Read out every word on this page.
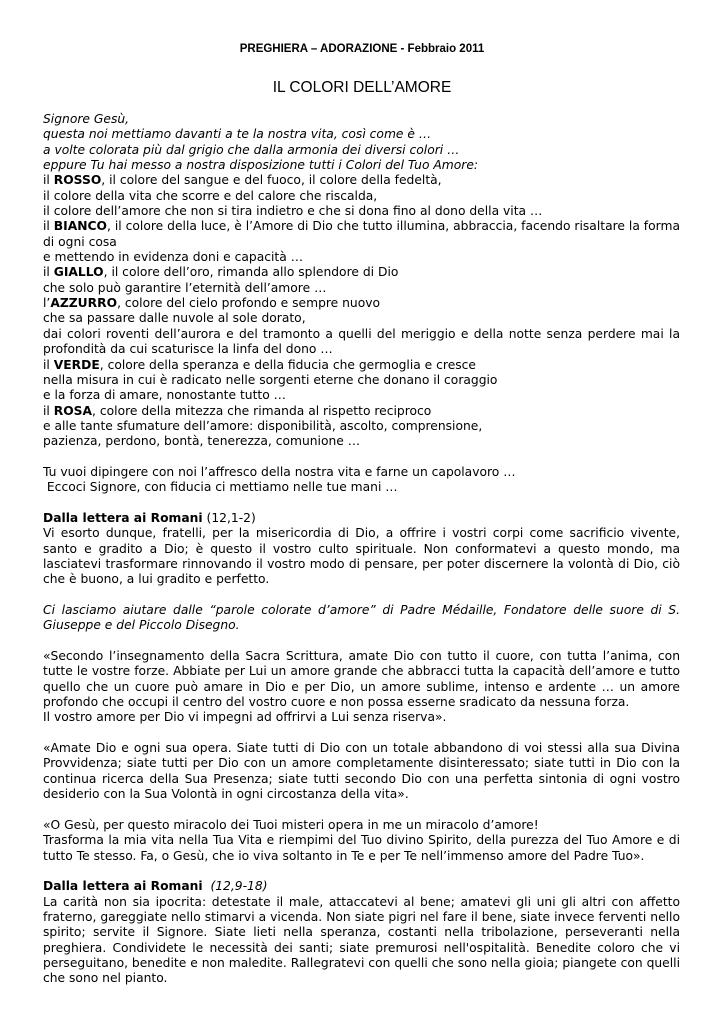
PREGHIERA – ADORAZIONE - Febbraio 2011
IL COLORI DELL’AMORE
Signore Gesù,
questa noi mettiamo davanti a te la nostra vita, così come è …
a volte colorata più dal grigio che dalla armonia dei diversi colori …
eppure Tu hai messo a nostra disposizione tutti i Colori del Tuo Amore:
il ROSSO, il colore del sangue e del fuoco, il colore della fedeltà,
il colore della vita che scorre e del calore che riscalda,
il colore dell’amore che non si tira indietro e che si dona fino al dono della vita …
il BIANCO, il colore della luce, è l’Amore di Dio che tutto illumina, abbraccia, facendo risaltare la forma di ogni cosa
e mettendo in evidenza doni e capacità …
il GIALLO, il colore dell’oro, rimanda allo splendore di Dio
che solo può garantire l’eternità dell’amore …
l’AZZURRO, colore del cielo profondo e sempre nuovo
che sa passare dalle nuvole al sole dorato,
dai colori roventi dell’aurora e del tramonto a quelli del meriggio e della notte senza perdere mai la profondità da cui scaturisce la linfa del dono …
il VERDE, colore della speranza e della fiducia che germoglia e cresce
nella misura in cui è radicato nelle sorgenti eterne che donano il coraggio
e la forza di amare, nonostante tutto …
il ROSA, colore della mitezza che rimanda al rispetto reciproco
e alle tante sfumature dell’amore: disponibilità, ascolto, comprensione,
pazienza, perdono, bontà, tenerezza, comunione …
Tu vuoi dipingere con noi l’affresco della nostra vita e farne un capolavoro …
Eccoci Signore, con fiducia ci mettiamo nelle tue mani …
Dalla lettera ai Romani (12,1-2)
Vi esorto dunque, fratelli, per la misericordia di Dio, a offrire i vostri corpi come sacrificio vivente, santo e gradito a Dio; è questo il vostro culto spirituale. Non conformatevi a questo mondo, ma lasciatevi trasformare rinnovando il vostro modo di pensare, per poter discernere la volontà di Dio, ciò che è buono, a lui gradito e perfetto.
Ci lasciamo aiutare dalle “parole colorate d’amore” di Padre Médaille, Fondatore delle suore di S. Giuseppe e del Piccolo Disegno.
«Secondo l’insegnamento della Sacra Scrittura, amate Dio con tutto il cuore, con tutta l’anima, con tutte le vostre forze. Abbiate per Lui un amore grande che abbracci tutta la capacità dell’amore e tutto quello che un cuore può amare in Dio e per Dio, un amore sublime, intenso e ardente … un amore profondo che occupi il centro del vostro cuore e non possa esserne sradicato da nessuna forza.
Il vostro amore per Dio vi impegni ad offrirvi a Lui senza riserva».
«Amate Dio e ogni sua opera. Siate tutti di Dio con un totale abbandono di voi stessi alla sua Divina Provvidenza; siate tutti per Dio con un amore completamente disinteressato; siate tutti in Dio con la continua ricerca della Sua Presenza; siate tutti secondo Dio con una perfetta sintonia di ogni vostro desiderio con la Sua Volontà in ogni circostanza della vita».
«O Gesù, per questo miracolo dei Tuoi misteri opera in me un miracolo d’amore!
Trasforma la mia vita nella Tua Vita e riempimi del Tuo divino Spirito, della purezza del Tuo Amore e di tutto Te stesso. Fa, o Gesù, che io viva soltanto in Te e per Te nell’immenso amore del Padre Tuo».
Dalla lettera ai Romani (12,9-18)
La carità non sia ipocrita: detestate il male, attaccatevi al bene; amatevi gli uni gli altri con affetto fraterno, gareggiate nello stimarvi a vicenda. Non siate pigri nel fare il bene, siate invece ferventi nello spirito; servite il Signore. Siate lieti nella speranza, costanti nella tribolazione, perseveranti nella preghiera. Condividete le necessità dei santi; siate premurosi nell'ospitalità. Benedite coloro che vi perseguitano, benedite e non maledite. Rallegratevi con quelli che sono nella gioia; piangete con quelli che sono nel pianto.
